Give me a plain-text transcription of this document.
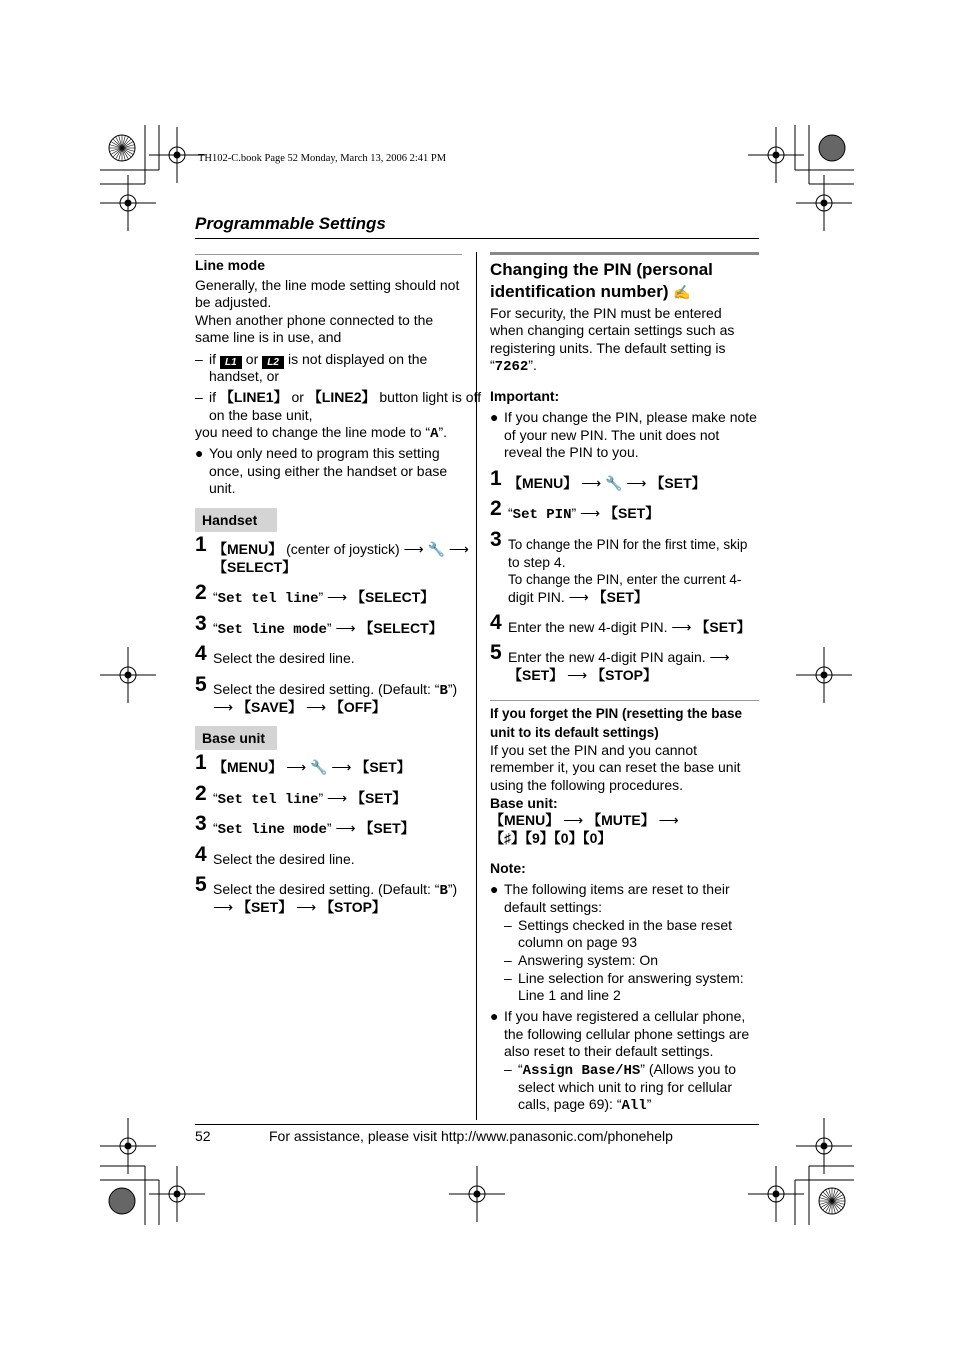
TH102-C.book Page 52 Monday, March 13, 2006 2:41 PM
Programmable Settings
Line mode
Generally, the line mode setting should not
be adjusted.
When another phone connected to the
same line is in use, and
– if L1 or L2 is not displayed on the
handset, or
– if 【LINE1】 or 【LINE2】 button light is off
on the base unit,
you need to change the line mode to “A”.
● You only need to program this setting
once, using either the handset or base
unit.
Handset
1 【MENU】 (center of joystick) ⟶ 🔧 ⟶
【SELECT】
2 “Set tel line” ⟶ 【SELECT】
3 “Set line mode” ⟶ 【SELECT】
4 Select the desired line.
5 Select the desired setting. (Default: “B”)
⟶ 【SAVE】 ⟶ 【OFF】
Base unit
1 【MENU】 ⟶ 🔧 ⟶ 【SET】
2 “Set tel line” ⟶ 【SET】
3 “Set line mode” ⟶ 【SET】
4 Select the desired line.
5 Select the desired setting. (Default: “B”)
⟶ 【SET】 ⟶ 【STOP】
Changing the PIN (personal
identification number) ✍
For security, the PIN must be entered
when changing certain settings such as
registering units. The default setting is
“7262”.
Important:
● If you change the PIN, please make note
of your new PIN. The unit does not
reveal the PIN to you.
1 【MENU】 ⟶ 🔧 ⟶ 【SET】
2 “Set PIN” ⟶ 【SET】
3 To change the PIN for the first time, skip
to step 4.
To change the PIN, enter the current 4-
digit PIN. ⟶ 【SET】
4 Enter the new 4-digit PIN. ⟶ 【SET】
5 Enter the new 4-digit PIN again. ⟶
【SET】 ⟶ 【STOP】
If you forget the PIN (resetting the base
unit to its default settings)
If you set the PIN and you cannot
remember it, you can reset the base unit
using the following procedures.
Base unit:
【MENU】 ⟶ 【MUTE】 ⟶
【♯】【9】【0】【0】
Note:
● The following items are reset to their
default settings:
– Settings checked in the base reset
column on page 93
– Answering system: On
– Line selection for answering system:
Line 1 and line 2
● If you have registered a cellular phone,
the following cellular phone settings are
also reset to their default settings.
– “Assign Base/HS” (Allows you to
select which unit to ring for cellular
calls, page 69): “All”
52	For assistance, please visit http://www.panasonic.com/phonehelp
